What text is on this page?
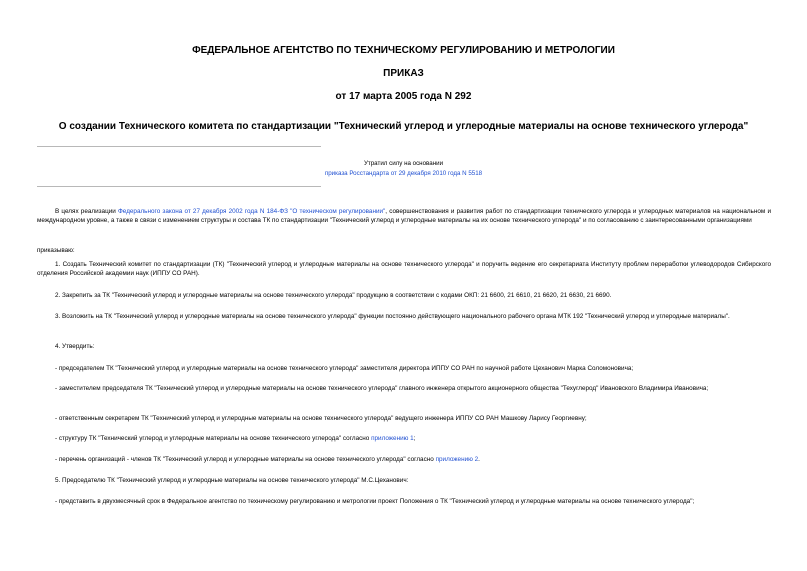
ФЕДЕРАЛЬНОЕ АГЕНТСТВО ПО ТЕХНИЧЕСКОМУ РЕГУЛИРОВАНИЮ И МЕТРОЛОГИИ
ПРИКАЗ
от 17 марта 2005 года N 292
О создании Технического комитета по стандартизации "Технический углерод и углеродные материалы на основе технического углерода"
Утратил силу на основании
приказа Росстандарта от 29 декабря 2010 года N 5518
В целях реализации Федерального закона от 27 декабря 2002 года N 184-ФЗ "О техническом регулировании", совершенствования и развития работ по стандартизации технического углерода и углеродных материалов на национальном и международном уровне, а также в связи с изменением структуры и состава ТК по стандартизации "Технический углерод и углеродные материалы на их основе технического углерода" и по согласованию с заинтересованными организациями
приказываю:
1. Создать Технический комитет по стандартизации (ТК) "Технический углерод и углеродные материалы на основе технического углерода" и поручить ведение его секретариата Институту проблем переработки углеводородов Сибирского отделения Российской академии наук (ИППУ СО РАН).
2. Закрепить за ТК "Технический углерод и углеродные материалы на основе технического углерода" продукцию в соответствии с кодами ОКП: 21 6600, 21 6610, 21 6620, 21 6630, 21 6690.
3. Возложить на ТК "Технический углерод и углеродные материалы на основе технического углерода" функции постоянно действующего национального рабочего органа МТК 192 "Технический углерод и углеродные материалы".
4. Утвердить:
- председателем ТК "Технический углерод и углеродные материалы на основе технического углерода" заместителя директора ИППУ СО РАН по научной работе Цеханович Марка Соломоновича;
- заместителем председателя ТК "Технический углерод и углеродные материалы на основе технического углерода" главного инженера открытого акционерного общества "Техуглерод" Ивановского Владимира Ивановича;
- ответственным секретарем ТК "Технический углерод и углеродные материалы на основе технического углерода" ведущего инженера ИППУ СО РАН Машкову Ларису Георгиевну;
- структуру ТК "Технический углерод и углеродные материалы на основе технического углерода" согласно приложению 1;
- перечень организаций - членов ТК "Технический углерод и углеродные материалы на основе технического углерода" согласно приложению 2.
5. Председателю ТК "Технический углерод и углеродные материалы на основе технического углерода" М.С.Цеханович:
- представить в двухмесячный срок в Федеральное агентство по техническому регулированию и метрологии проект Положения о ТК "Технический углерод и углеродные материалы на основе технического углерода";
